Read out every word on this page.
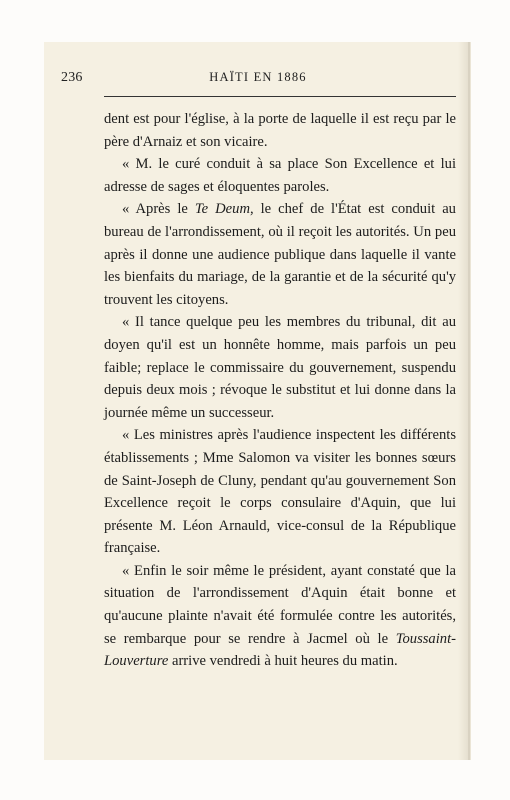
236	HAÏTI EN 1886

dent est pour l'église, à la porte de laquelle il est reçu par le père d'Arnaiz et son vicaire.

« M. le curé conduit à sa place Son Excellence et lui adresse de sages et éloquentes paroles.

« Après le Te Deum, le chef de l'État est conduit au bureau de l'arrondissement, où il reçoit les autorités. Un peu après il donne une audience publique dans laquelle il vante les bienfaits du mariage, de la garantie et de la sécurité qu'y trouvent les citoyens.

« Il tance quelque peu les membres du tribunal, dit au doyen qu'il est un honnête homme, mais parfois un peu faible; replace le commissaire du gouvernement, suspendu depuis deux mois ; révoque le substitut et lui donne dans la journée même un successeur.

« Les ministres après l'audience inspectent les différents établissements ; Mme Salomon va visiter les bonnes sœurs de Saint-Joseph de Cluny, pendant qu'au gouvernement Son Excellence reçoit le corps consulaire d'Aquin, que lui présente M. Léon Arnauld, vice-consul de la République française.

« Enfin le soir même le président, ayant constaté que la situation de l'arrondissement d'Aquin était bonne et qu'aucune plainte n'avait été formulée contre les autorités, se rembarque pour se rendre à Jacmel où le Toussaint-Louverture arrive vendredi à huit heures du matin.
